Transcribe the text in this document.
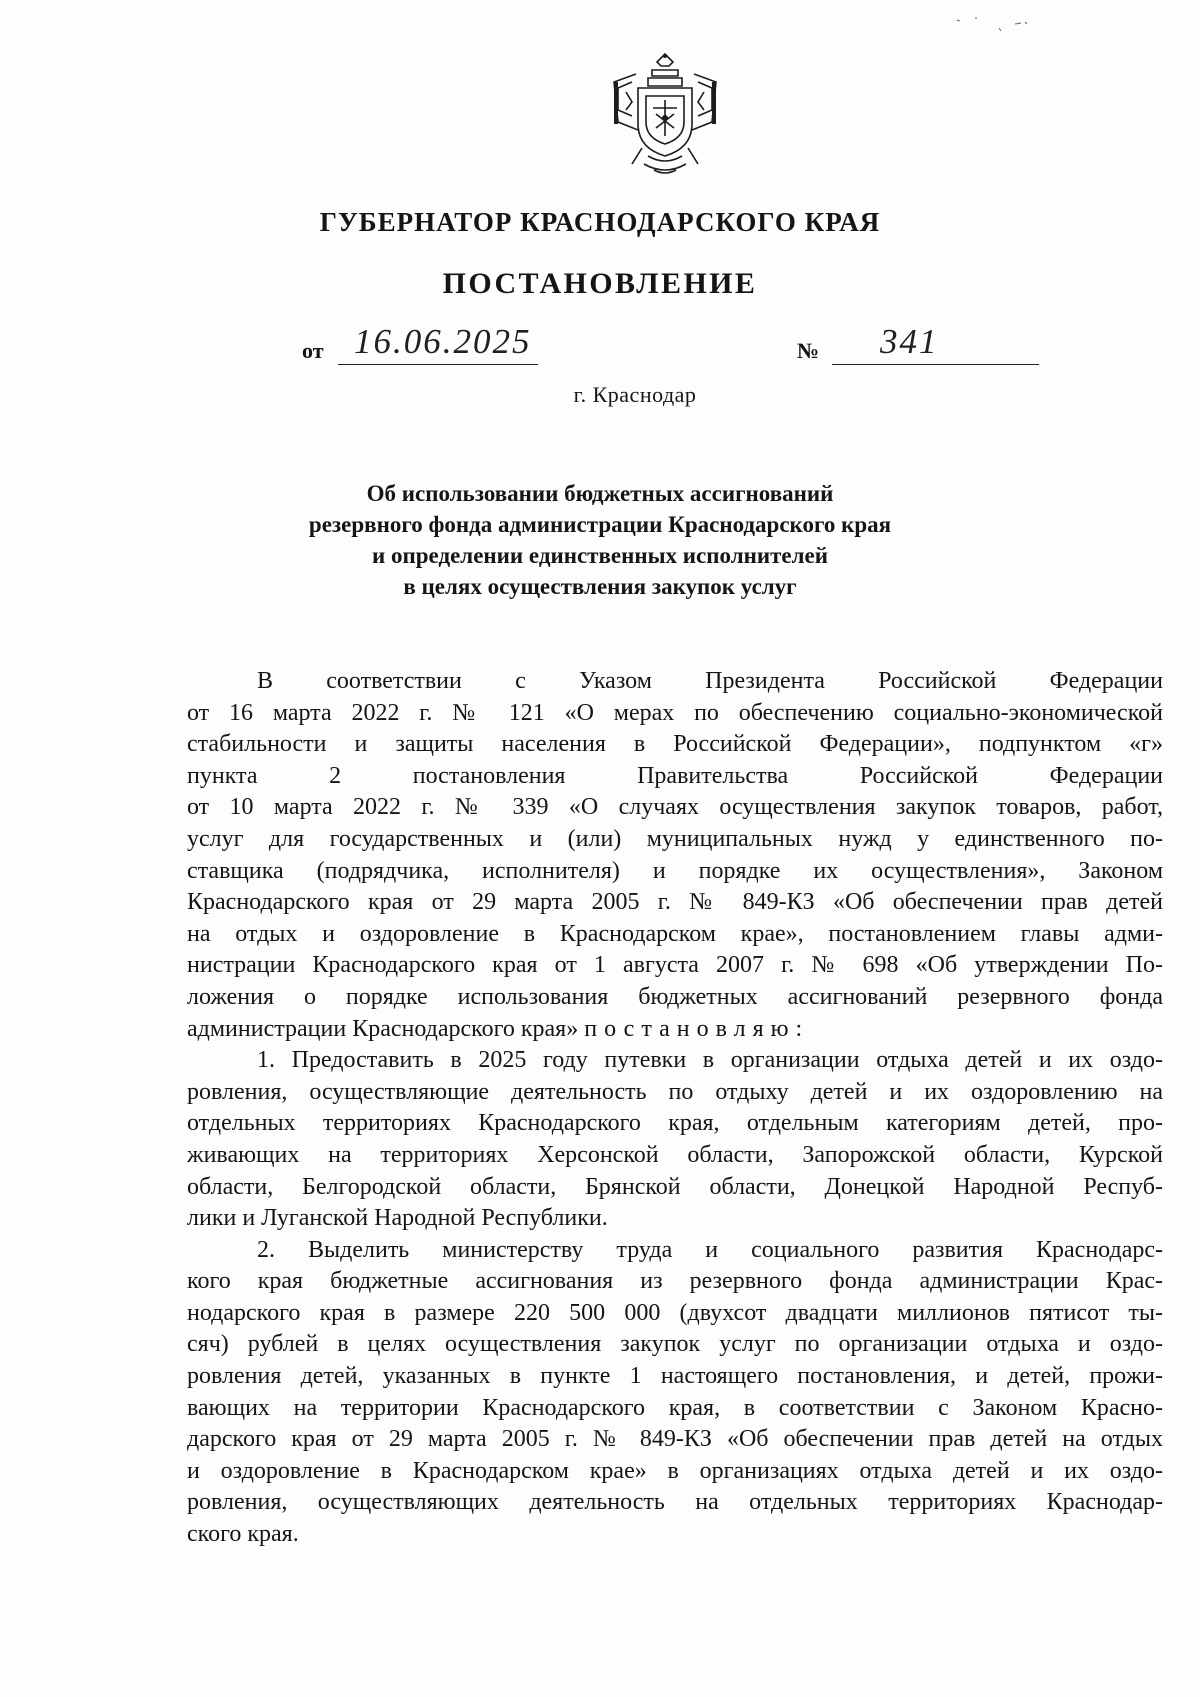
ГУБЕРНАТОР КРАСНОДАРСКОГО КРАЯ
ПОСТАНОВЛЕНИЕ
от 16.06.2025	№ 341
г. Краснодар
Об использовании бюджетных ассигнований
резервного фонда администрации Краснодарского края
и определении единственных исполнителей
в целях осуществления закупок услуг
В соответствии с Указом Президента Российской Федерации
от 16 марта 2022 г. № 121 «О мерах по обеспечению социально-экономической
стабильности и защиты населения в Российской Федерации», подпунктом «г»
пункта 2 постановления Правительства Российской Федерации
от 10 марта 2022 г. № 339 «О случаях осуществления закупок товаров, работ,
услуг для государственных и (или) муниципальных нужд у единственного по-
ставщика (подрядчика, исполнителя) и порядке их осуществления», Законом
Краснодарского края от 29 марта 2005 г. № 849-КЗ «Об обеспечении прав детей
на отдых и оздоровление в Краснодарском крае», постановлением главы адми-
нистрации Краснодарского края от 1 августа 2007 г. № 698 «Об утверждении По-
ложения о порядке использования бюджетных ассигнований резервного фонда
администрации Краснодарского края» постановляю:
1. Предоставить в 2025 году путевки в организации отдыха детей и их оздо-
ровления, осуществляющие деятельность по отдыху детей и их оздоровлению на
отдельных территориях Краснодарского края, отдельным категориям детей, про-
живающих на территориях Херсонской области, Запорожской области, Курской
области, Белгородской области, Брянской области, Донецкой Народной Респуб-
лики и Луганской Народной Республики.
2. Выделить министерству труда и социального развития Краснодарс-
кого края бюджетные ассигнования из резервного фонда администрации Крас-
нодарского края в размере 220 500 000 (двухсот двадцати миллионов пятисот ты-
сяч) рублей в целях осуществления закупок услуг по организации отдыха и оздо-
ровления детей, указанных в пункте 1 настоящего постановления, и детей, прожи-
вающих на территории Краснодарского края, в соответствии с Законом Красно-
дарского края от 29 марта 2005 г. № 849-КЗ «Об обеспечении прав детей на отдых
и оздоровление в Краснодарском крае» в организациях отдыха детей и их оздо-
ровления, осуществляющих деятельность на отдельных территориях Краснодар-
ского края.
